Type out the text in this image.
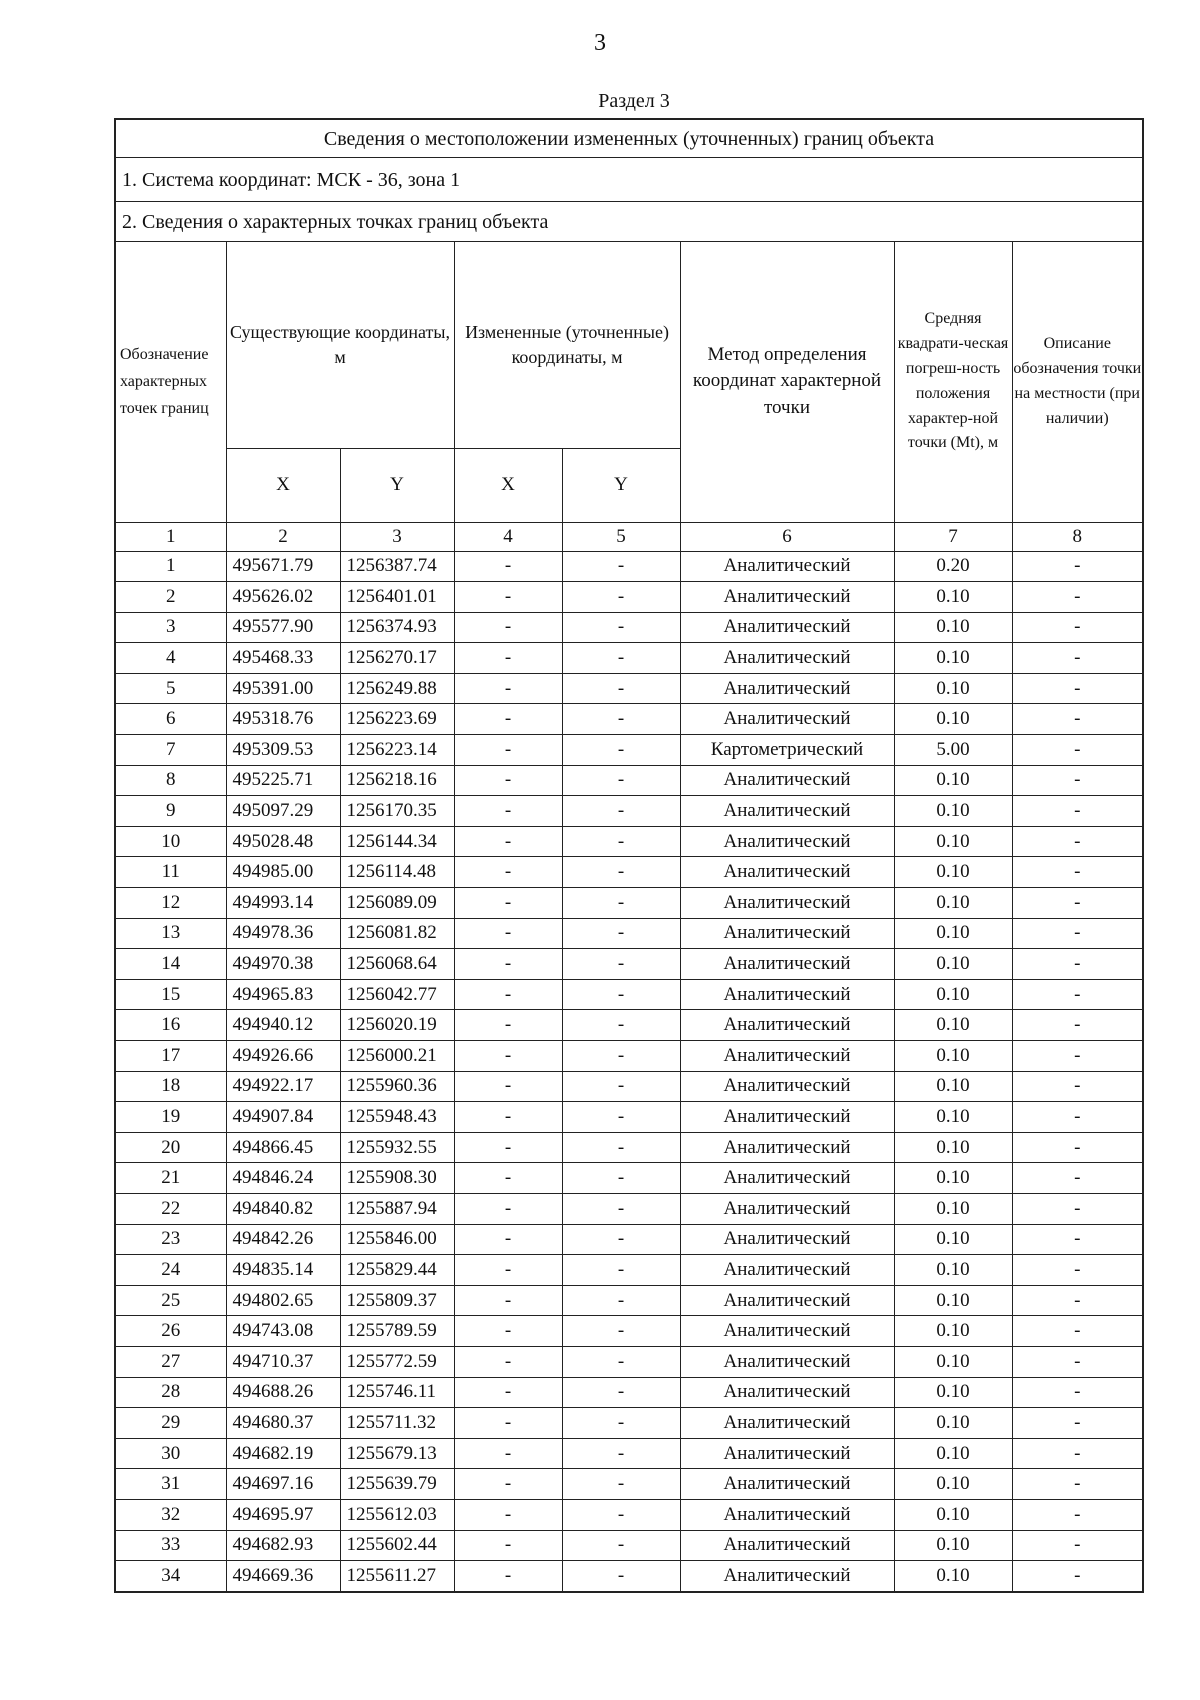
3
Раздел 3
Сведения о местоположении измененных (уточненных) границ объекта
1. Система координат: МСК - 36, зона 1
2. Сведения о характерных точках границ объекта
Обозначение характерных точек границ	Существующие координаты, м		Измененные (уточненные) координаты, м		Метод определения координат характерной точки	Средняя квадрати-ческая погреш-ность положения характер-ной точки (Mt), м	Описание обозначения точки на местности (при наличии)
	X	Y	X	Y			
1	2	3	4	5	6	7	8
1	495671.79	1256387.74	-	-	Аналитический	0.20	-
2	495626.02	1256401.01	-	-	Аналитический	0.10	-
3	495577.90	1256374.93	-	-	Аналитический	0.10	-
4	495468.33	1256270.17	-	-	Аналитический	0.10	-
5	495391.00	1256249.88	-	-	Аналитический	0.10	-
6	495318.76	1256223.69	-	-	Аналитический	0.10	-
7	495309.53	1256223.14	-	-	Картометрический	5.00	-
8	495225.71	1256218.16	-	-	Аналитический	0.10	-
9	495097.29	1256170.35	-	-	Аналитический	0.10	-
10	495028.48	1256144.34	-	-	Аналитический	0.10	-
11	494985.00	1256114.48	-	-	Аналитический	0.10	-
12	494993.14	1256089.09	-	-	Аналитический	0.10	-
13	494978.36	1256081.82	-	-	Аналитический	0.10	-
14	494970.38	1256068.64	-	-	Аналитический	0.10	-
15	494965.83	1256042.77	-	-	Аналитический	0.10	-
16	494940.12	1256020.19	-	-	Аналитический	0.10	-
17	494926.66	1256000.21	-	-	Аналитический	0.10	-
18	494922.17	1255960.36	-	-	Аналитический	0.10	-
19	494907.84	1255948.43	-	-	Аналитический	0.10	-
20	494866.45	1255932.55	-	-	Аналитический	0.10	-
21	494846.24	1255908.30	-	-	Аналитический	0.10	-
22	494840.82	1255887.94	-	-	Аналитический	0.10	-
23	494842.26	1255846.00	-	-	Аналитический	0.10	-
24	494835.14	1255829.44	-	-	Аналитический	0.10	-
25	494802.65	1255809.37	-	-	Аналитический	0.10	-
26	494743.08	1255789.59	-	-	Аналитический	0.10	-
27	494710.37	1255772.59	-	-	Аналитический	0.10	-
28	494688.26	1255746.11	-	-	Аналитический	0.10	-
29	494680.37	1255711.32	-	-	Аналитический	0.10	-
30	494682.19	1255679.13	-	-	Аналитический	0.10	-
31	494697.16	1255639.79	-	-	Аналитический	0.10	-
32	494695.97	1255612.03	-	-	Аналитический	0.10	-
33	494682.93	1255602.44	-	-	Аналитический	0.10	-
34	494669.36	1255611.27	-	-	Аналитический	0.10	-
